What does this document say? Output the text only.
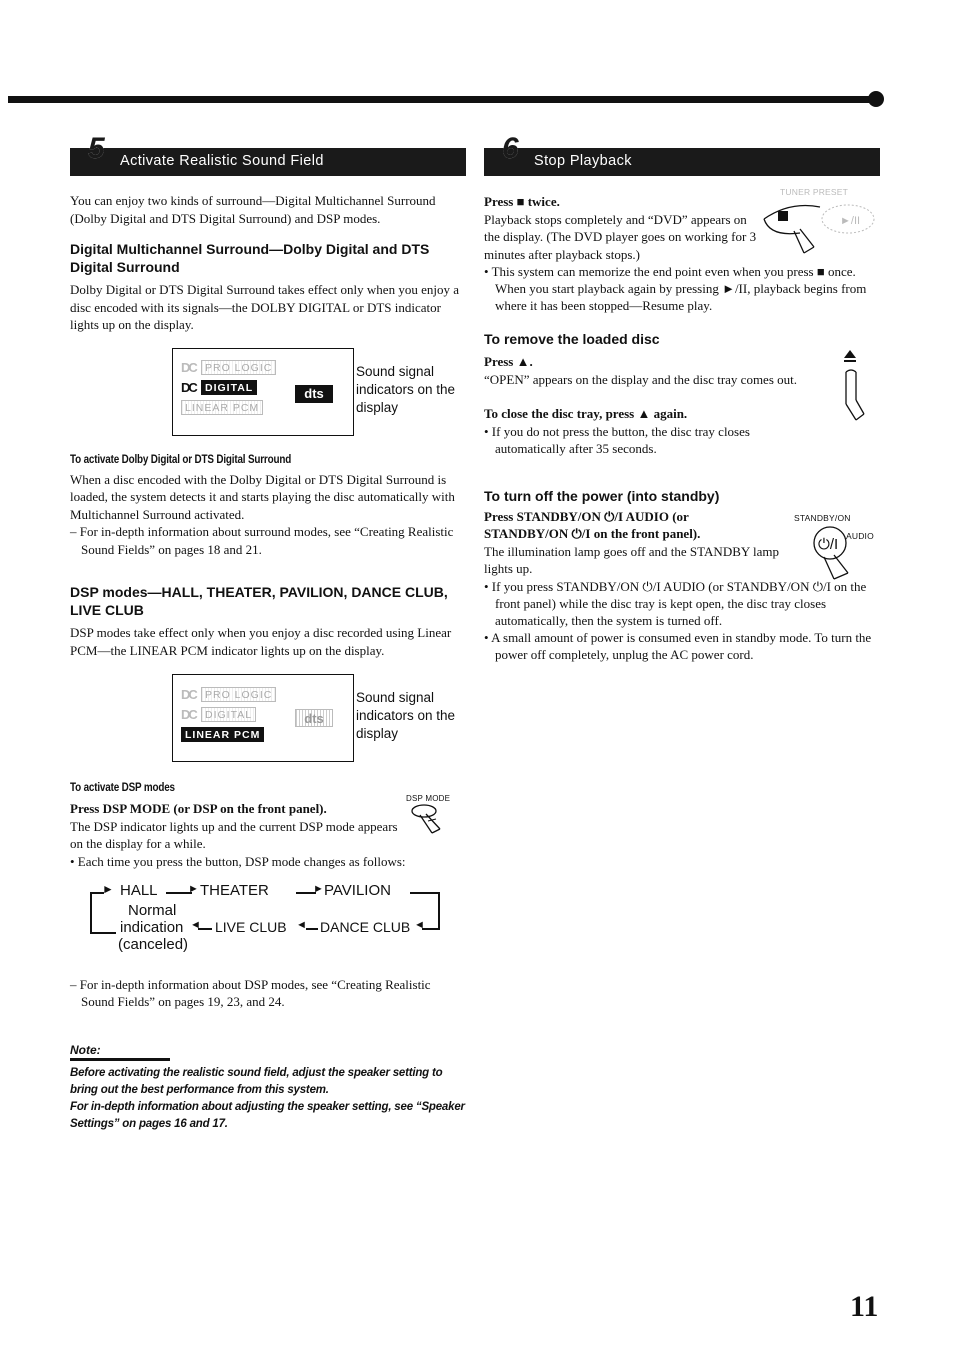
5 Activate Realistic Sound Field

You can enjoy two kinds of surround—Digital Multichannel Surround (Dolby Digital and DTS Digital Surround) and DSP modes.

Digital Multichannel Surround—Dolby Digital and DTS Digital Surround

Dolby Digital or DTS Digital Surround takes effect only when you enjoy a disc encoded with its signals—the DOLBY DIGITAL or DTS indicator lights up on the display.

DC PRO LOGIC
DC DIGITAL
LINEAR PCM
dts
Sound signal indicators on the display
To activate Dolby Digital or DTS Digital Surround

When a disc encoded with the Dolby Digital or DTS Digital Surround is loaded, the system detects it and starts playing the disc automatically with Multichannel Surround activated.

– For in-depth information about surround modes, see “Creating Realistic Sound Fields” on pages 18 and 21.

DSP modes—HALL, THEATER, PAVILION, DANCE CLUB, LIVE CLUB

DSP modes take effect only when you enjoy a disc recorded using Linear PCM—the LINEAR PCM indicator lights up on the display.

DC PRO LOGIC
DC DIGITAL
LINEAR PCM
dts
Sound signal indicators on the display
To activate DSP modes
DSP MODE

Press DSP MODE (or DSP on the front panel).

The DSP indicator lights up and the current DSP mode appears on the display for a while.

• Each time you press the button, DSP mode changes as follows:

► HALL	► THEATER	► PAVILION
◄
DANCE CLUB
◄
LIVE CLUB
◄
Normal
indication
(canceled)

– For in-depth information about DSP modes, see “Creating Realistic Sound Fields” on pages 19, 23, and 24.

Note:

Before activating the realistic sound field, adjust the speaker setting to bring out the best performance from this system.

For in-depth information about adjusting the speaker setting, see “Speaker Settings” on pages 16 and 17.

6 Stop Playback

Press ■ twice.

Playback stops completely and “DVD” appears on the display. (The DVD player goes on working for 3 minutes after playback stops.)

TUNER PRESET
►/II

• This system can memorize the end point even when you press ■ once. When you start playback again by pressing ►/II, playback begins from where it has been stopped—Resume play.

To remove the loaded disc

Press ▲.

“OPEN” appears on the display and the disc tray comes out.

To close the disc tray, press ▲ again.

• If you do not press the button, the disc tray closes automatically after 35 seconds.

To turn off the power (into standby)
STANDBY/ON
⏻/I AUDIO

Press STANDBY/ON ⏻/I AUDIO (or

STANDBY/ON ⏻/I on the front panel).

The illumination lamp goes off and the STANDBY lamp lights up.

• If you press STANDBY/ON ⏻/I AUDIO (or STANDBY/ON ⏻/I on the front panel) while the disc tray is kept open, the disc tray closes automatically, then the system is turned off.

• A small amount of power is consumed even in standby mode. To turn the power off completely, unplug the AC power cord.

11
